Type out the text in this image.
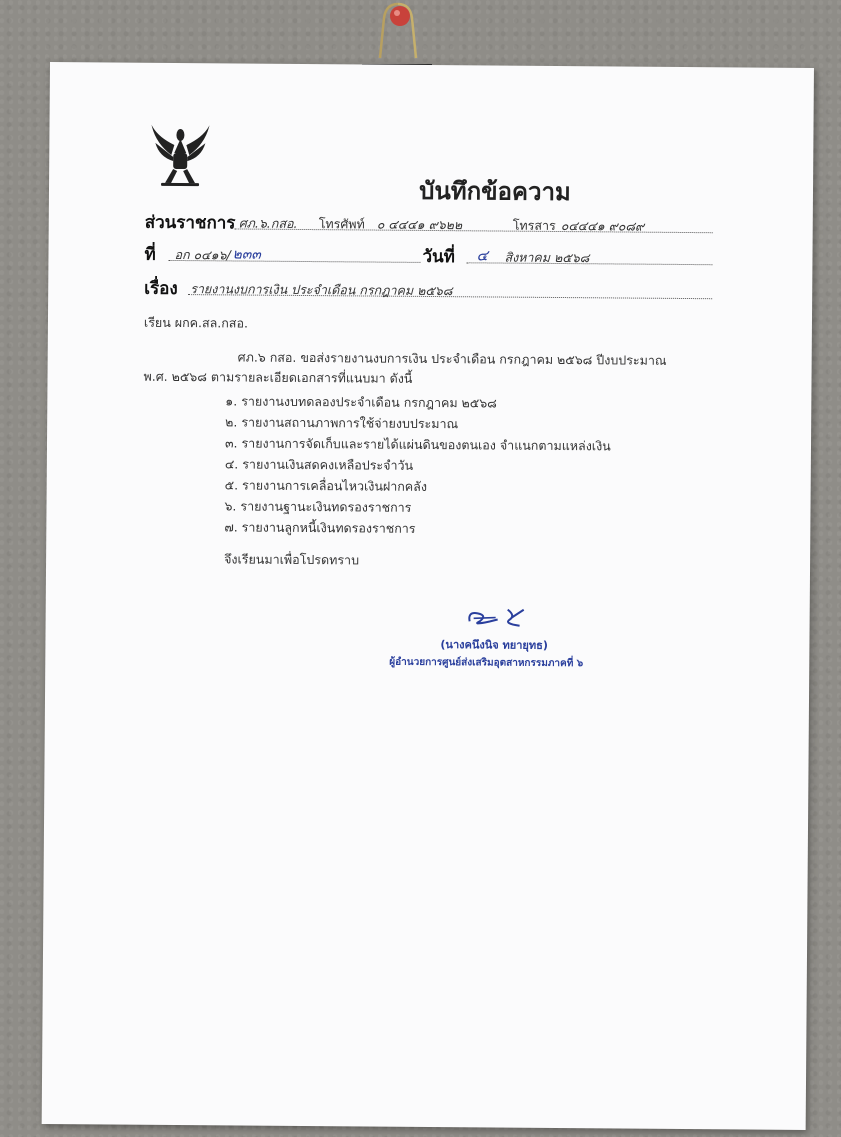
บันทึกข้อความ
ส่วนราชการ ศภ.๖.กสอ. โทรศัพท์ ๐ ๔๔๔๑ ๙๖๒๒	โทรสาร ๐๔๔๔๑ ๙๐๘๙
ที่ อก ๐๔๑๖/ ๒๓๓	วันที่ ๔ สิงหาคม ๒๕๖๘
เรื่อง รายงานงบการเงิน ประจำเดือน กรกฎาคม ๒๕๖๘
เรียน ผกค.สล.กสอ.
ศภ.๖ กสอ. ขอส่งรายงานงบการเงิน ประจำเดือน กรกฎาคม ๒๕๖๘ ปีงบประมาณ
พ.ศ. ๒๕๖๘ ตามรายละเอียดเอกสารที่แนบมา ดังนี้
๑. รายงานงบทดลองประจำเดือน กรกฎาคม ๒๕๖๘
๒. รายงานสถานภาพการใช้จ่ายงบประมาณ
๓. รายงานการจัดเก็บและรายได้แผ่นดินของตนเอง จำแนกตามแหล่งเงิน
๔. รายงานเงินสดคงเหลือประจำวัน
๕. รายงานการเคลื่อนไหวเงินฝากคลัง
๖. รายงานฐานะเงินทดรองราชการ
๗. รายงานลูกหนี้เงินทดรองราชการ
จึงเรียนมาเพื่อโปรดทราบ
(นางคนึงนิจ ทยายุทธ)
ผู้อำนวยการศูนย์ส่งเสริมอุตสาหกรรมภาคที่ ๖
